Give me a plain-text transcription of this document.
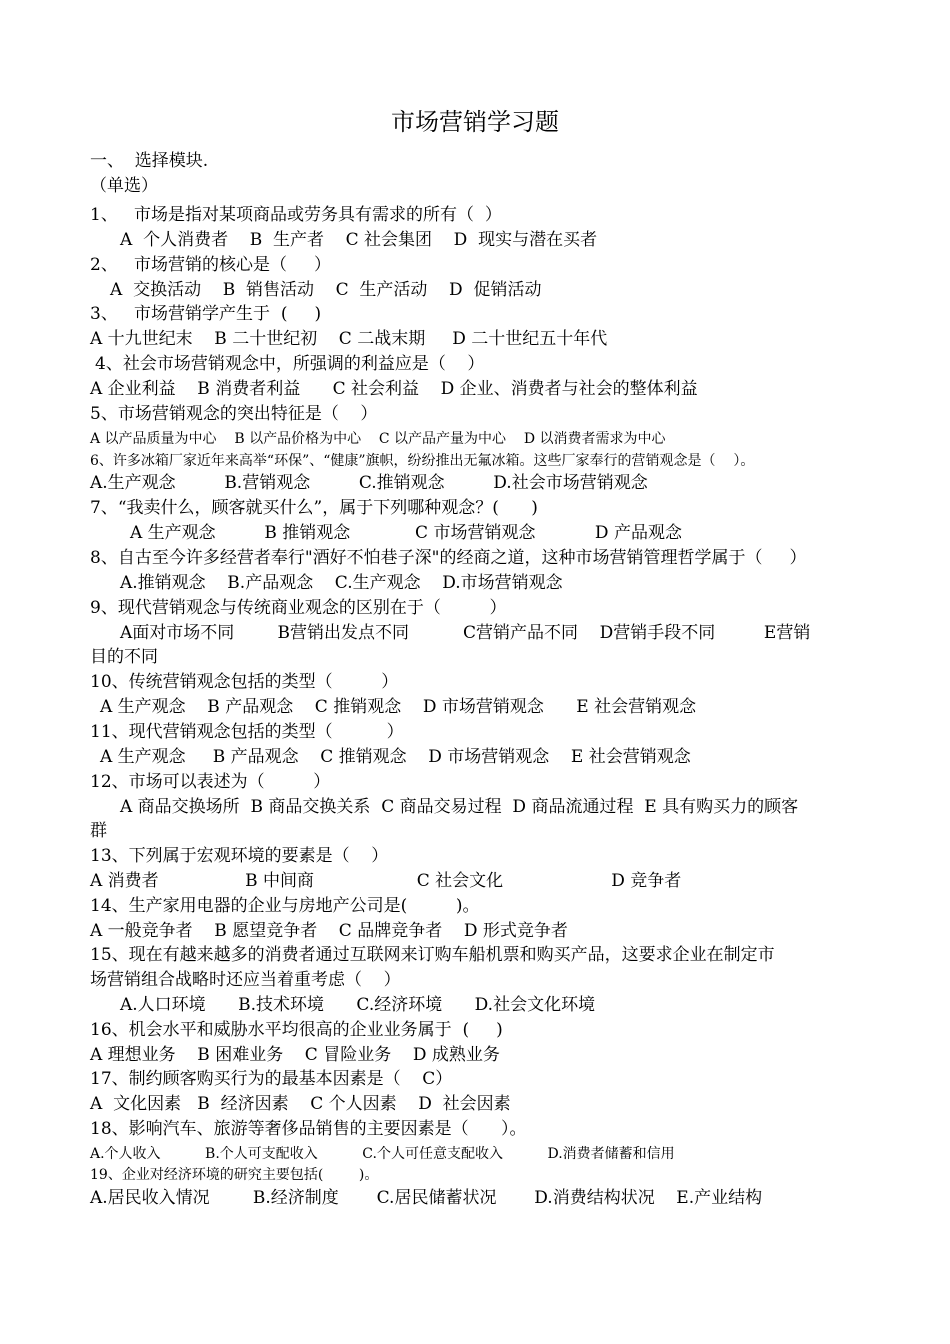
市场营销学习题
一、  选择模块.
（单选）
1、   市场是指对某项商品或劳务具有需求的所有（  ）
A  个人消费者    B  生产者    C 社会集团    D  现实与潜在买者
2、   市场营销的核心是（     ）
A  交换活动    B  销售活动    C  生产活动    D  促销活动
3、   市场营销学产生于  (     )
A 十九世纪末    B 二十世纪初    C 二战末期     D 二十世纪五十年代
4、社会市场营销观念中，所强调的利益应是（    ）
A 企业利益    B 消费者利益      C 社会利益    D 企业、消费者与社会的整体利益
5、市场营销观念的突出特征是（    ）
A 以产品质量为中心    B 以产品价格为中心    C 以产品产量为中心    D 以消费者需求为中心
6、许多冰箱厂家近年来高举“环保”、“健康”旗帜，纷纷推出无氟冰箱。这些厂家奉行的营销观念是（    ）。
A.生产观念         B.营销观念         C.推销观念         D.社会市场营销观念
7、“我卖什么，顾客就买什么”，属于下列哪种观念？(      )
A 生产观念         B 推销观念            C 市场营销观念           D 产品观念
8、自古至今许多经营者奉行"酒好不怕巷子深"的经商之道，这种市场营销管理哲学属于（     ）
A.推销观念    B.产品观念    C.生产观念    D.市场营销观念
9、现代营销观念与传统商业观念的区别在于（         ）
A面对市场不同        B营销出发点不同          C营销产品不同    D营销手段不同         E营销
目的不同
10、传统营销观念包括的类型（         ）
A 生产观念    B 产品观念    C 推销观念    D 市场营销观念      E 社会营销观念
11、现代营销观念包括的类型（          ）
A 生产观念     B 产品观念    C 推销观念    D 市场营销观念    E 社会营销观念
12、市场可以表述为（         ）
A 商品交换场所  B 商品交换关系  C 商品交易过程  D 商品流通过程  E 具有购买力的顾客
群
13、下列属于宏观环境的要素是（    ）
A 消费者                B 中间商                   C 社会文化                    D 竞争者
14、生产家用电器的企业与房地产公司是(         )。
A 一般竞争者    B 愿望竞争者    C 品牌竞争者    D 形式竞争者
15、现在有越来越多的消费者通过互联网来订购车船机票和购买产品，这要求企业在制定市
场营销组合战略时还应当着重考虑（    ）
A.人口环境      B.技术环境      C.经济环境      D.社会文化环境
16、机会水平和威胁水平均很高的企业业务属于  (     )
A 理想业务    B 困难业务    C 冒险业务    D 成熟业务
17、制约顾客购买行为的最基本因素是（    C）
A  文化因素   B  经济因素    C 个人因素    D  社会因素
18、影响汽车、旅游等奢侈品销售的主要因素是（      ）。
A.个人收入          B.个人可支配收入          C.个人可任意支配收入          D.消费者储蓄和信用
19、企业对经济环境的研究主要包括(        )。
A.居民收入情况        B.经济制度       C.居民储蓄状况       D.消费结构状况    E.产业结构
